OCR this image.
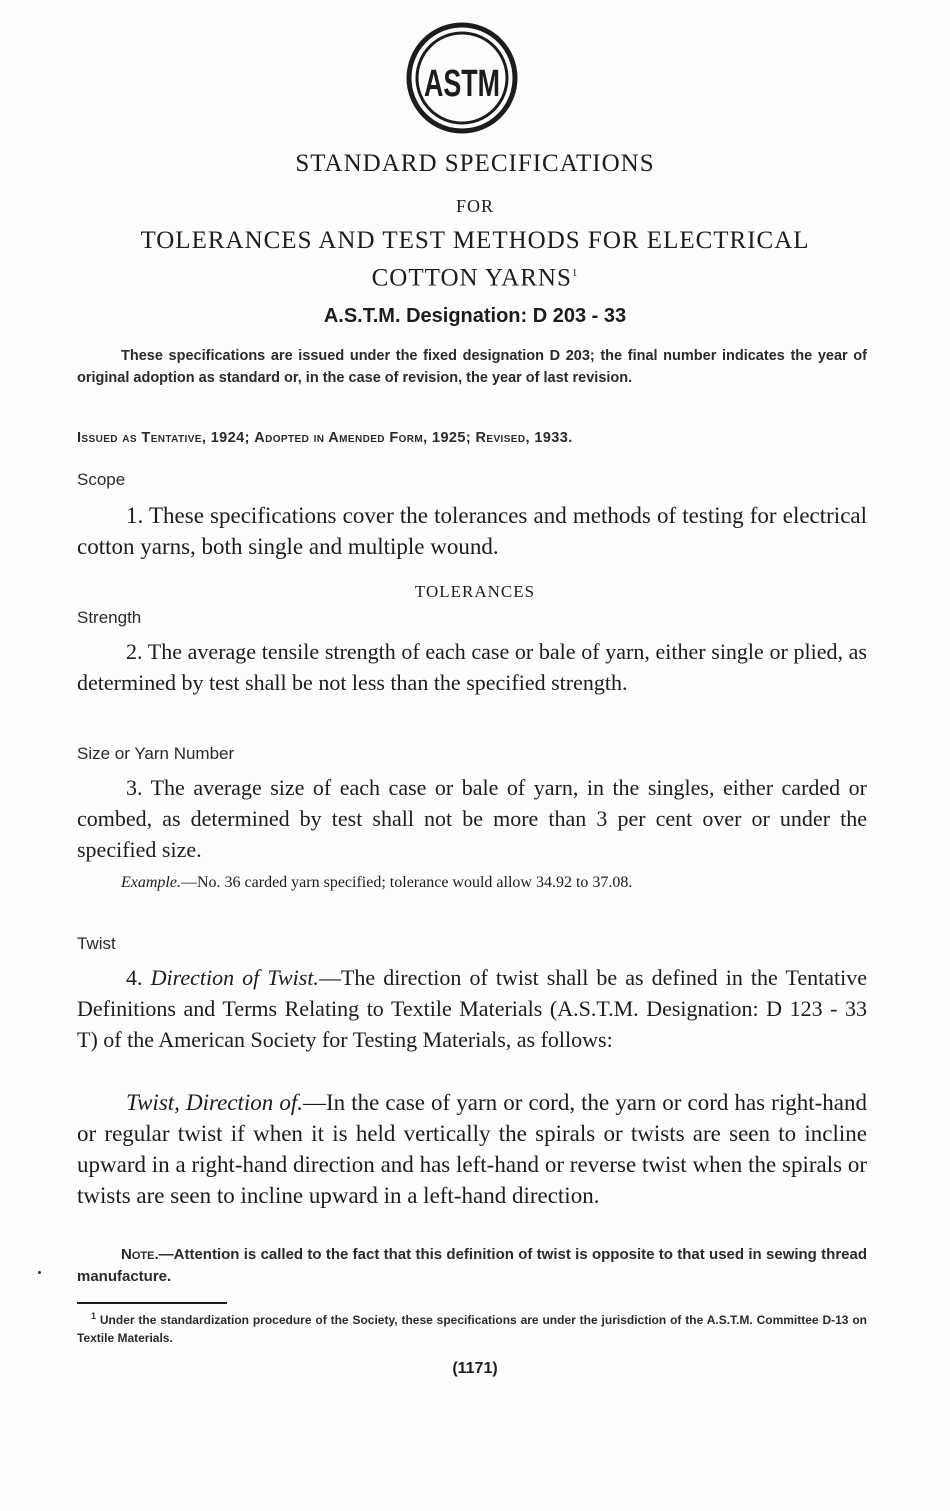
ASTM
STANDARD SPECIFICATIONS
FOR
TOLERANCES AND TEST METHODS FOR ELECTRICAL
COTTON YARNS$^1$
A.S.T.M. Designation: D 203 - 33
These specifications are issued under the fixed designation D 203; the final number indicates the year of original adoption as standard or, in the case of revision, the year of last revision.
Issued as Tentative, 1924; Adopted in Amended Form, 1925; Revised, 1933.
Scope
1. These specifications cover the tolerances and methods of testing for electrical cotton yarns, both single and multiple wound.
TOLERANCES
Strength
2. The average tensile strength of each case or bale of yarn, either single or plied, as determined by test shall be not less than the specified strength.
Size or Yarn Number
3. The average size of each case or bale of yarn, in the singles, either carded or combed, as determined by test shall not be more than 3 per cent over or under the specified size.
Example.—No. 36 carded yarn specified; tolerance would allow 34.92 to 37.08.
Twist
4. Direction of Twist.—The direction of twist shall be as defined in the Tentative Definitions and Terms Relating to Textile Materials (A.S.T.M. Designation: D 123 - 33 T) of the American Society for Testing Materials, as follows:
Twist, Direction of.—In the case of yarn or cord, the yarn or cord has right-hand or regular twist if when it is held vertically the spirals or twists are seen to incline upward in a right-hand direction and has left-hand or reverse twist when the spirals or twists are seen to incline upward in a left-hand direction.
Note.—Attention is called to the fact that this definition of twist is opposite to that used in sewing thread manufacture.
$^1$ Under the standardization procedure of the Society, these specifications are under the jurisdiction of the A.S.T.M. Committee D-13 on Textile Materials.
(1171)
